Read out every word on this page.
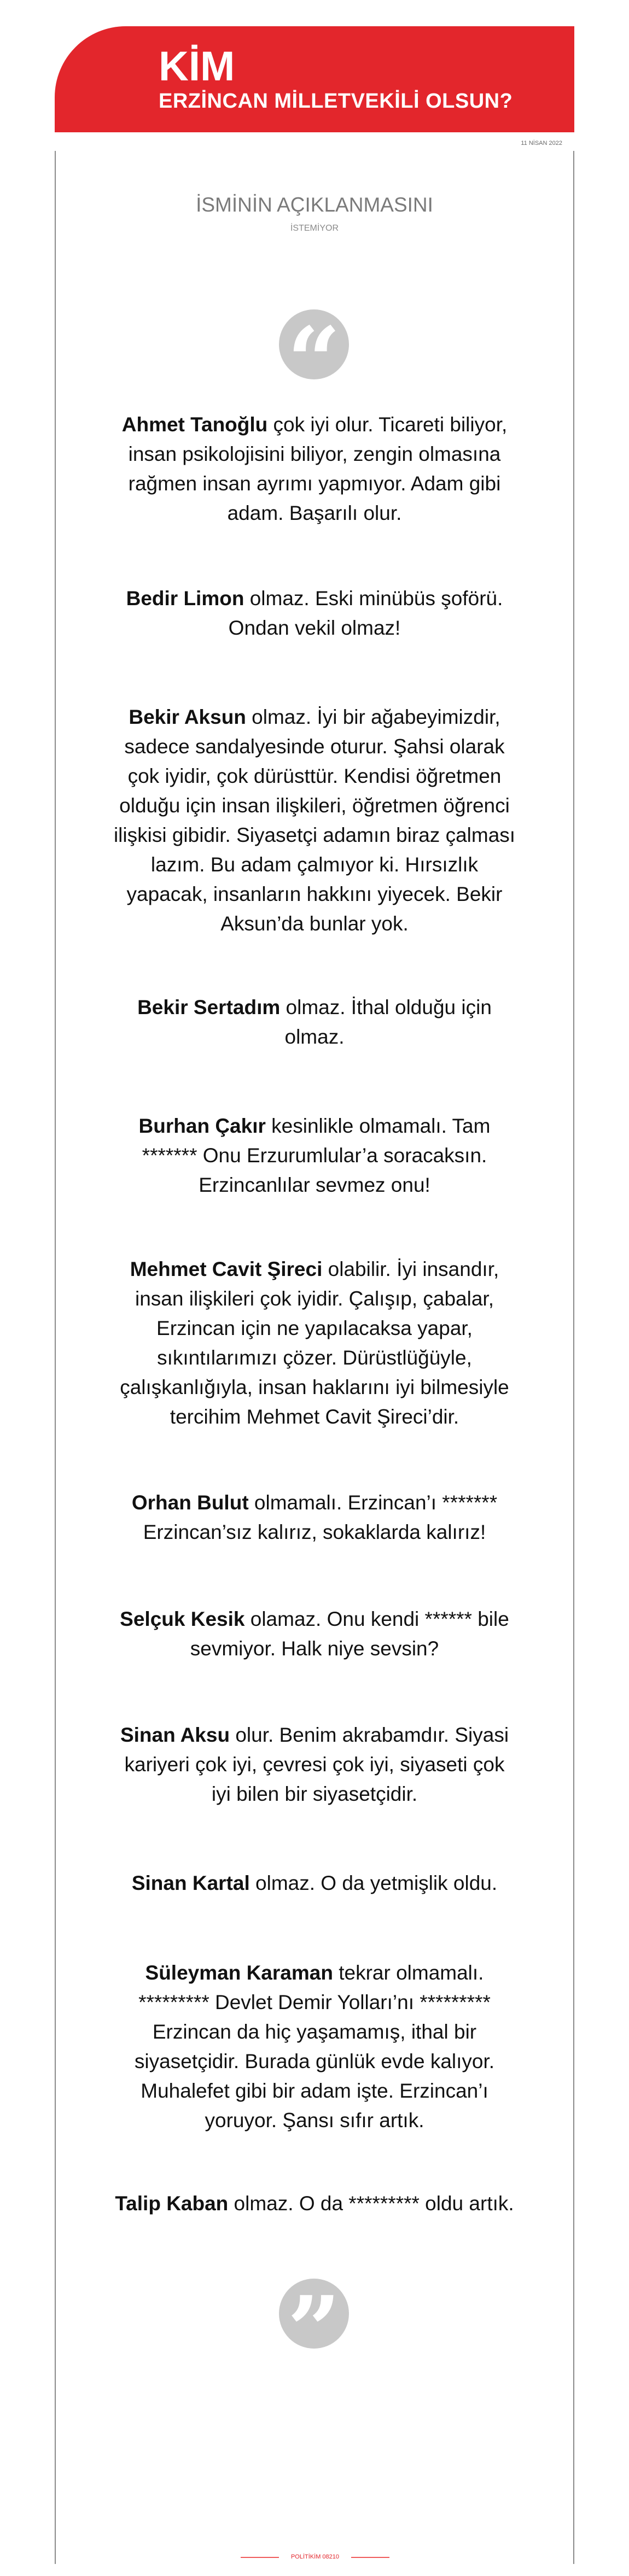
KİM
ERZİNCAN MİLLETVEKİLİ OLSUN?
11 NİSAN 2022
İSMİNİN AÇIKLANMASINI
İSTEMİYOR
“
Ahmet Tanoğlu çok iyi olur. Ticareti biliyor, insan psikolojisini biliyor, zengin olmasına rağmen insan ayrımı yapmıyor. Adam gibi adam. Başarılı olur.
Bedir Limon olmaz. Eski minübüs şoförü. Ondan vekil olmaz!
Bekir Aksun olmaz. İyi bir ağabeyimizdir, sadece sandalyesinde oturur. Şahsi olarak çok iyidir, çok dürüsttür. Kendisi öğretmen olduğu için insan ilişkileri, öğretmen öğrenci ilişkisi gibidir. Siyasetçi adamın biraz çalması lazım. Bu adam çalmıyor ki. Hırsızlık yapacak, insanların hakkını yiyecek. Bekir Aksun’da bunlar yok.
Bekir Sertadım olmaz. İthal olduğu için olmaz.
Burhan Çakır kesinlikle olmamalı. Tam ******* Onu Erzurumlular’a soracaksın. Erzincanlılar sevmez onu!
Mehmet Cavit Şireci olabilir. İyi insandır, insan ilişkileri çok iyidir. Çalışıp, çabalar, Erzincan için ne yapılacaksa yapar, sıkıntılarımızı çözer. Dürüstlüğüyle, çalışkanlığıyla, insan haklarını iyi bilmesiyle tercihim Mehmet Cavit Şireci’dir.
Orhan Bulut olmamalı. Erzincan’ı ******* Erzincan’sız kalırız, sokaklarda kalırız!
Selçuk Kesik olamaz. Onu kendi ****** bile sevmiyor. Halk niye sevsin?
Sinan Aksu olur. Benim akrabamdır. Siyasi kariyeri çok iyi, çevresi çok iyi, siyaseti çok iyi bilen bir siyasetçidir.
Sinan Kartal olmaz. O da yetmişlik oldu.
Süleyman Karaman tekrar olmamalı. ********* Devlet Demir Yolları’nı ********* Erzincan da hiç yaşamamış, ithal bir siyasetçidir. Burada günlük evde kalıyor. Muhalefet gibi bir adam işte. Erzincan’ı yoruyor. Şansı sıfır artık.
Talip Kaban olmaz. O da ********* oldu artık.
”
POLİTİKİM 08210
